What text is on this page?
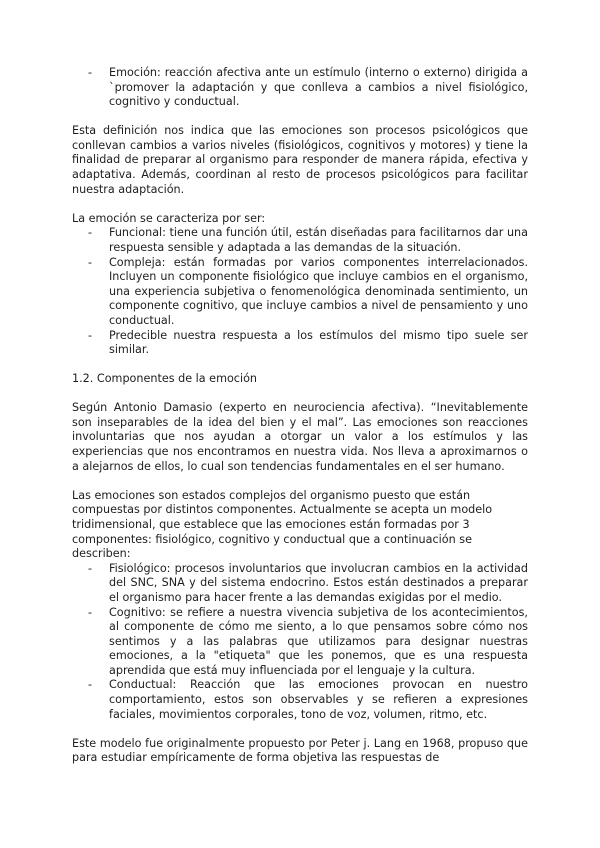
- Emoción: reacción afectiva ante un estímulo (interno o externo) dirigida a `promover la adaptación y que conlleva a cambios a nivel fisiológico, cognitivo y conductual.

Esta definición nos indica que las emociones son procesos psicológicos que conllevan cambios a varios niveles (fisiológicos, cognitivos y motores) y tiene la finalidad de preparar al organismo para responder de manera rápida, efectiva y adaptativa. Además, coordinan al resto de procesos psicológicos para facilitar nuestra adaptación.

La emoción se caracteriza por ser:

- Funcional: tiene una función útil, están diseñadas para facilitarnos dar una respuesta sensible y adaptada a las demandas de la situación.
- Compleja: están formadas por varios componentes interrelacionados. Incluyen un componente fisiológico que incluye cambios en el organismo, una experiencia subjetiva o fenomenológica denominada sentimiento, un componente cognitivo, que incluye cambios a nivel de pensamiento y uno conductual.
- Predecible nuestra respuesta a los estímulos del mismo tipo suele ser similar.

1.2. Componentes de la emoción

Según Antonio Damasio (experto en neurociencia afectiva). “Inevitablemente son inseparables de la idea del bien y el mal”. Las emociones son reacciones involuntarias que nos ayudan a otorgar un valor a los estímulos y las experiencias que nos encontramos en nuestra vida. Nos lleva a aproximarnos o a alejarnos de ellos, lo cual son tendencias fundamentales en el ser humano.

Las emociones son estados complejos del organismo puesto que están compuestas por distintos componentes. Actualmente se acepta un modelo tridimensional, que establece que las emociones están formadas por 3 componentes: fisiológico, cognitivo y conductual que a continuación se describen:

- Fisiológico: procesos involuntarios que involucran cambios en la actividad del SNC, SNA y del sistema endocrino. Estos están destinados a preparar el organismo para hacer frente a las demandas exigidas por el medio.
- Cognitivo: se refiere a nuestra vivencia subjetiva de los acontecimientos, al componente de cómo me siento, a lo que pensamos sobre cómo nos sentimos y a las palabras que utilizamos para designar nuestras emociones, a la "etiqueta" que les ponemos, que es una respuesta aprendida que está muy influenciada por el lenguaje y la cultura.
- Conductual: Reacción que las emociones provocan en nuestro comportamiento, estos son observables y se refieren a expresiones faciales, movimientos corporales, tono de voz, volumen, ritmo, etc.

Este modelo fue originalmente propuesto por Peter j. Lang en 1968, propuso que para estudiar empíricamente de forma objetiva las respuestas de
